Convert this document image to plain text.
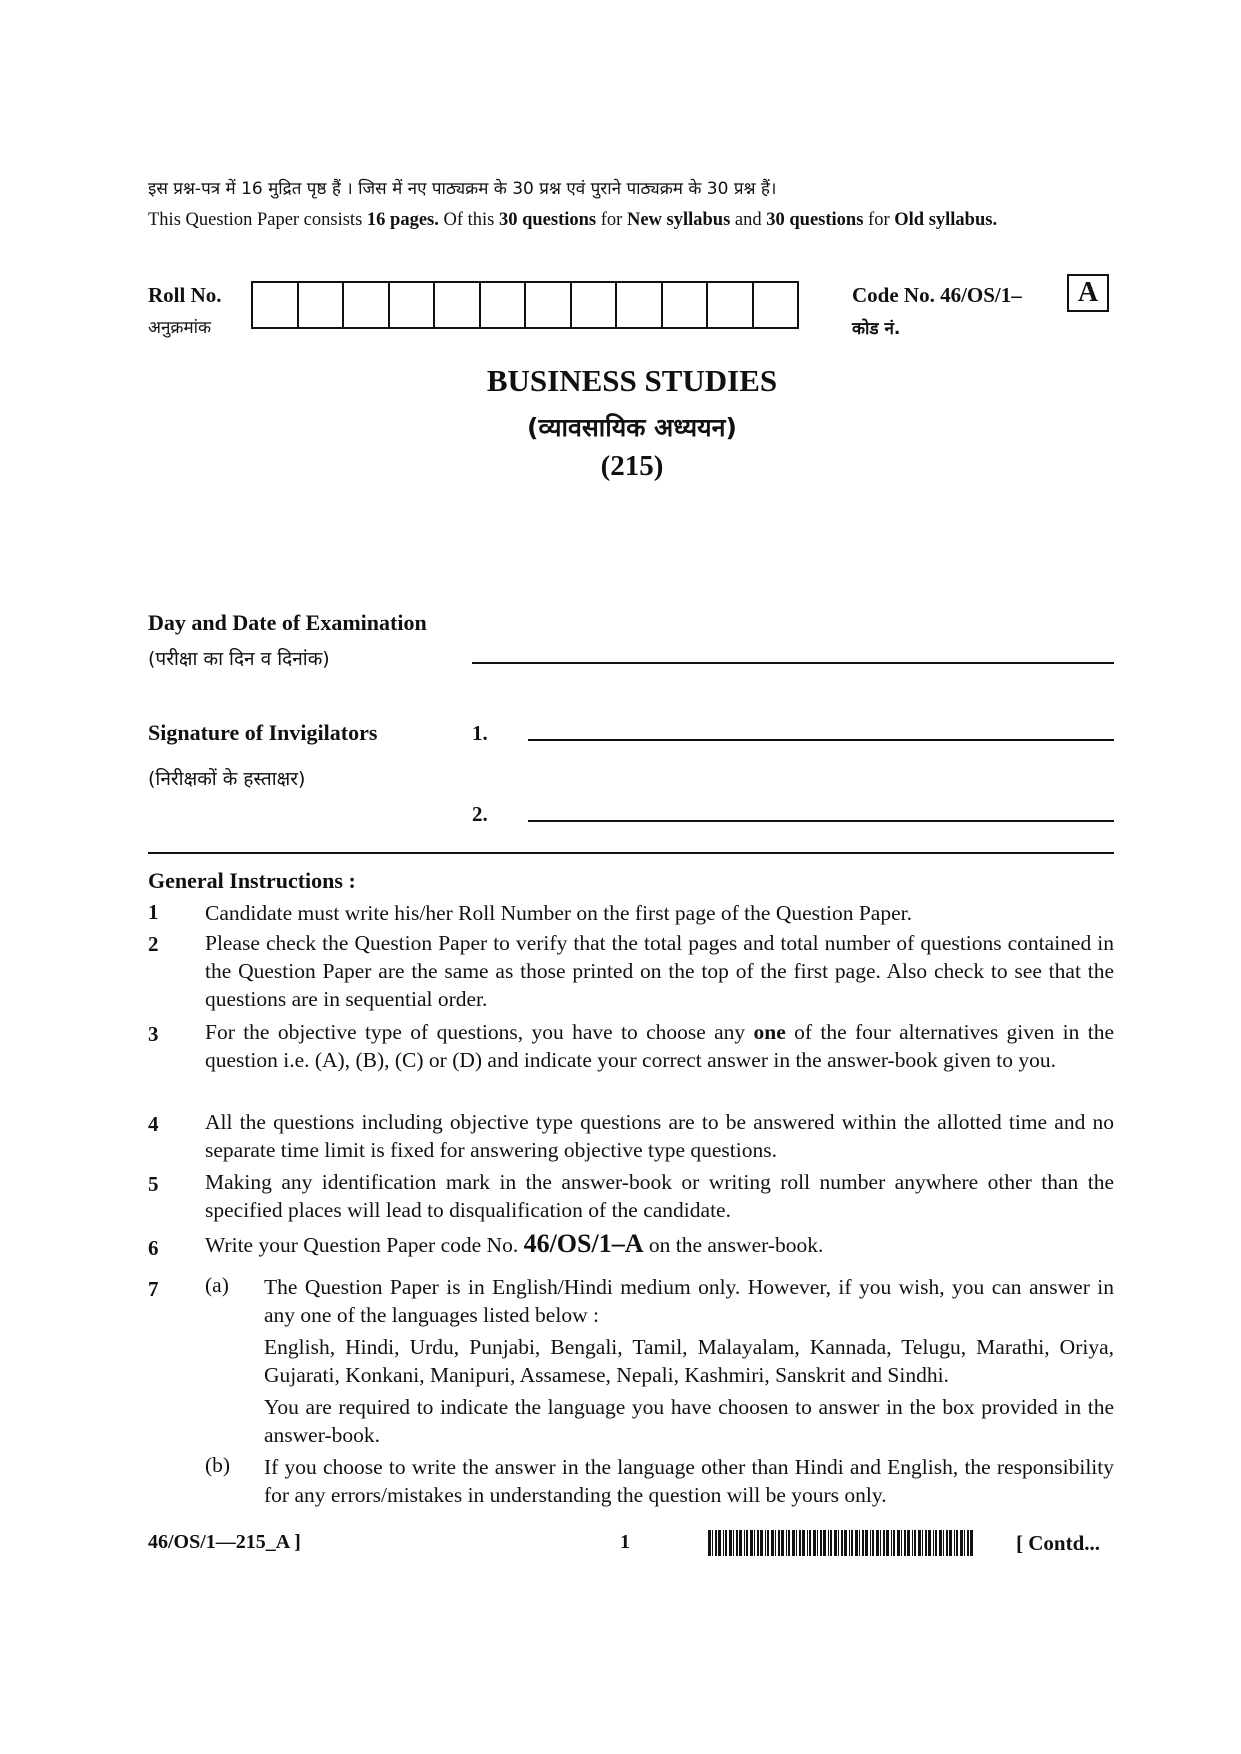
इस प्रश्न-पत्र में 16 मुद्रित पृष्ठ हैं । जिस में नए पाठ्यक्रम के 30 प्रश्न एवं पुराने पाठ्यक्रम के 30 प्रश्न हैं।
This Question Paper consists 16 pages. Of this 30 questions for New syllabus and 30 questions for Old syllabus.
Roll No.
अनुक्रमांक
Code No. 46/OS/1–	A
कोड नं.
BUSINESS STUDIES
(व्यावसायिक अध्ययन)
(215)
Day and Date of Examination
(परीक्षा का दिन व दिनांक)
Signature of Invigilators
(निरीक्षकों के हस्ताक्षर)
1.
2.
General Instructions :
1 Candidate must write his/her Roll Number on the first page of the Question Paper.
2 Please check the Question Paper to verify that the total pages and total number of questions contained in the Question Paper are the same as those printed on the top of the first page. Also check to see that the questions are in sequential order.
3 For the objective type of questions, you have to choose any one of the four alternatives given in the question i.e. (A), (B), (C) or (D) and indicate your correct answer in the answer-book given to you.
4 All the questions including objective type questions are to be answered within the allotted time and no separate time limit is fixed for answering objective type questions.
5 Making any identification mark in the answer-book or writing roll number anywhere other than the specified places will lead to disqualification of the candidate.
6 Write your Question Paper code No. 46/OS/1–A on the answer-book.
7 (a) The Question Paper is in English/Hindi medium only. However, if you wish, you can answer in any one of the languages listed below :
English, Hindi, Urdu, Punjabi, Bengali, Tamil, Malayalam, Kannada, Telugu, Marathi, Oriya, Gujarati, Konkani, Manipuri, Assamese, Nepali, Kashmiri, Sanskrit and Sindhi.
You are required to indicate the language you have choosen to answer in the box provided in the answer-book.
(b) If you choose to write the answer in the language other than Hindi and English, the responsibility for any errors/mistakes in understanding the question will be yours only.
46/OS/1—215_A ]	1	[ Contd...
